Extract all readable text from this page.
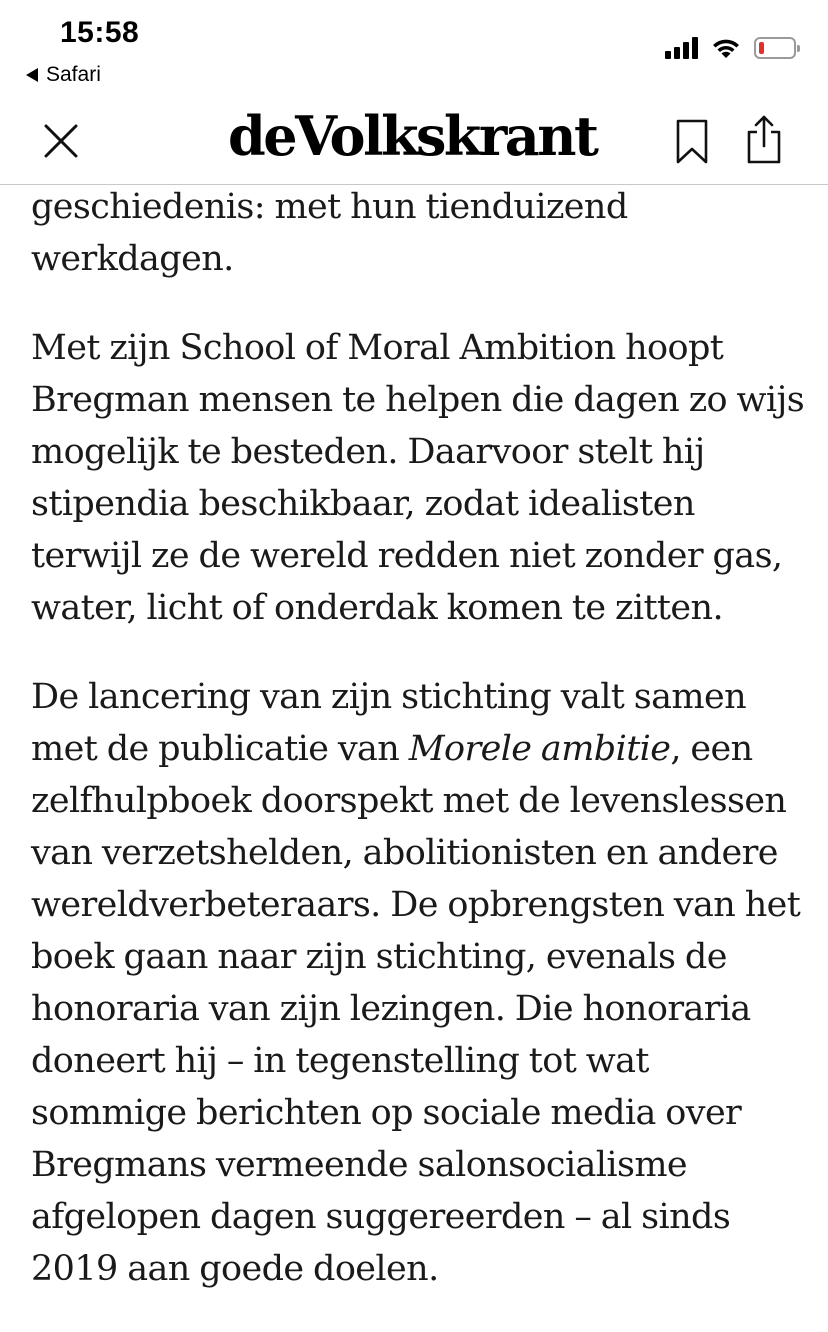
15:58
Safari
deVolkskrant

geschiedenis: met hun tienduizend
werkdagen.

Met zijn School of Moral Ambition hoopt Bregman mensen te helpen die dagen zo wijs mogelijk te besteden. Daarvoor stelt hij stipendia beschikbaar, zodat idealisten terwijl ze de wereld redden niet zonder gas, water, licht of onderdak komen te zitten.

De lancering van zijn stichting valt samen met de publicatie van Morele ambitie, een zelfhulpboek doorspekt met de levenslessen van verzetshelden, abolitionisten en andere wereldverbeteraars. De opbrengsten van het boek gaan naar zijn stichting, evenals de honoraria van zijn lezingen. Die honoraria doneert hij – in tegenstelling tot wat sommige berichten op sociale media over Bregmans vermeende salonsocialisme afgelopen dagen suggereerden – al sinds 2019 aan goede doelen.
